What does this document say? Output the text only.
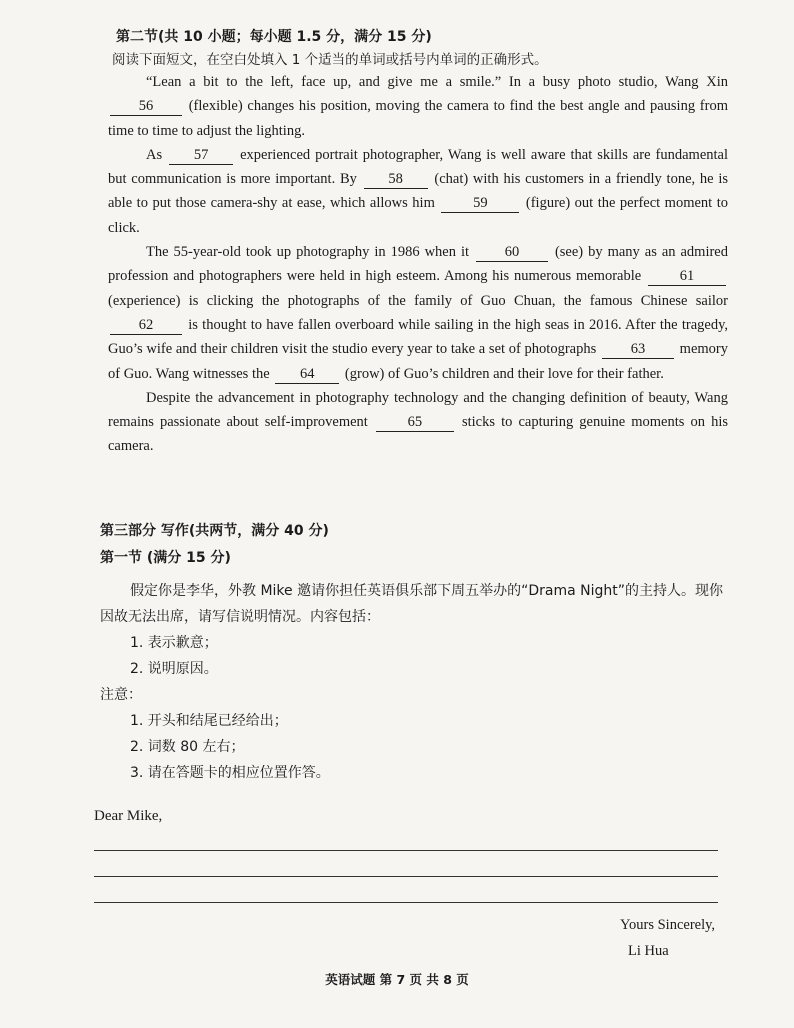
第二节(共 10 小题；每小题 1.5 分，满分 15 分)
阅读下面短文，在空白处填入 1 个适当的单词或括号内单词的正确形式。

“Lean a bit to the left, face up, and give me a smile.” In a busy photo studio, Wang Xin 56 (flexible) changes his position, moving the camera to find the best angle and pausing from time to time to adjust the lighting.

As 57 experienced portrait photographer, Wang is well aware that skills are fundamental but communication is more important. By 58 (chat) with his customers in a friendly tone, he is able to put those camera-shy at ease, which allows him 59 (figure) out the perfect moment to click.

The 55-year-old took up photography in 1986 when it 60 (see) by many as an admired profession and photographers were held in high esteem. Among his numerous memorable 61 (experience) is clicking the photographs of the family of Guo Chuan, the famous Chinese sailor 62 is thought to have fallen overboard while sailing in the high seas in 2016. After the tragedy, Guo’s wife and their children visit the studio every year to take a set of photographs 63 memory of Guo. Wang witnesses the 64 (grow) of Guo’s children and their love for their father.

Despite the advancement in photography technology and the changing definition of beauty, Wang remains passionate about self-improvement 65 sticks to capturing genuine moments on his camera.

第三部分 写作(共两节，满分 40 分)
第一节 (满分 15 分)

假定你是李华，外教 Mike 邀请你担任英语俱乐部下周五举办的“Drama Night”的主持人。现你因故无法出席，请写信说明情况。内容包括：

1. 表示歉意；

2. 说明原因。

注意：

1. 开头和结尾已经给出；

2. 词数 80 左右；

3. 请在答题卡的相应位置作答。

Dear Mike,
Yours Sincerely,
Li Hua
英语试题 第 7 页 共 8 页
